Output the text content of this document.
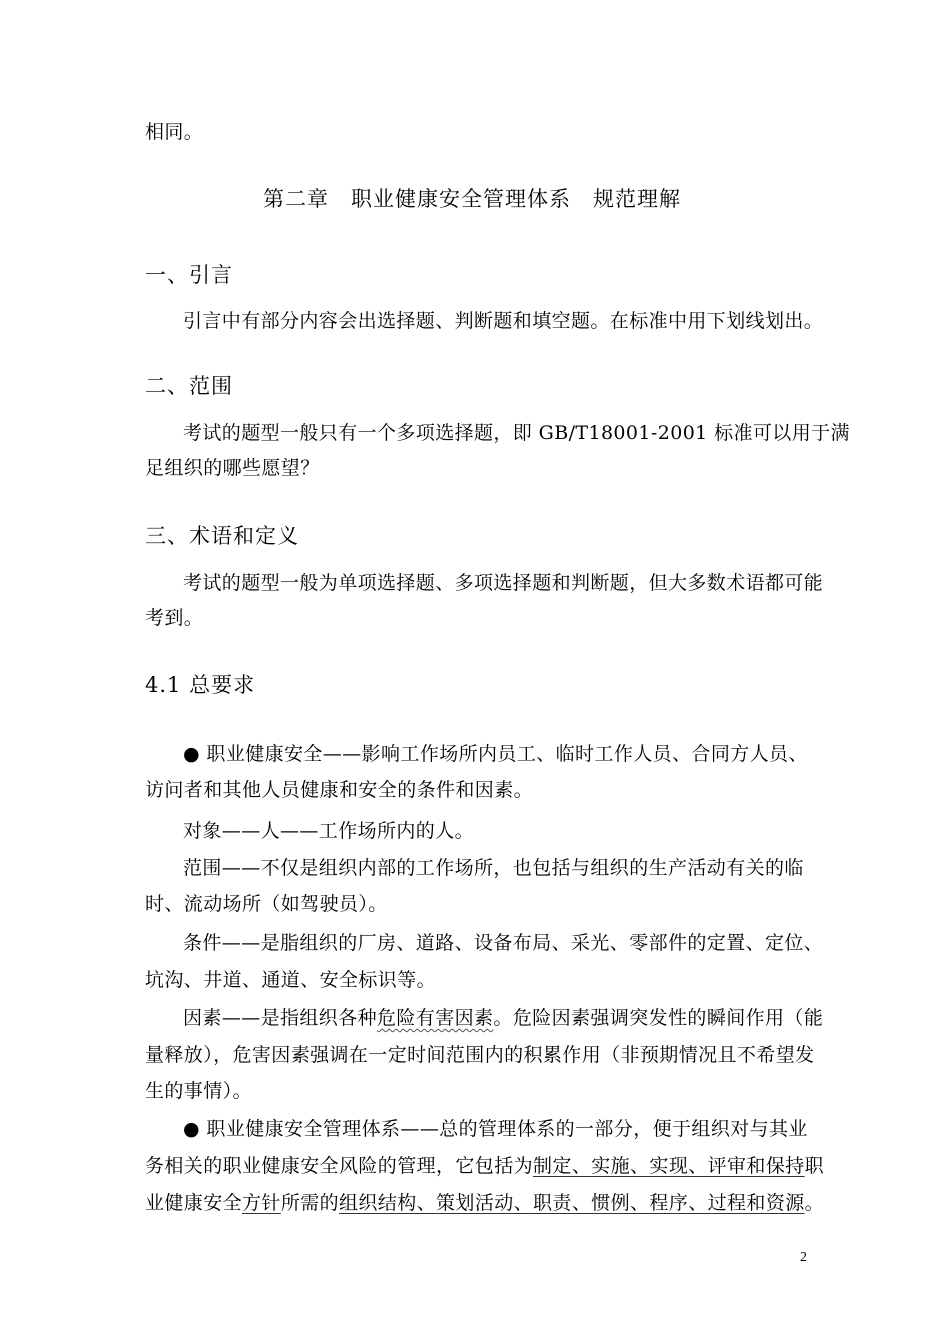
相同。
第二章　职业健康安全管理体系　规范理解
一、引言
引言中有部分内容会出选择题、判断题和填空题。在标准中用下划线划出。
二、范围
考试的题型一般只有一个多项选择题，即 GB/T18001-2001 标准可以用于满
足组织的哪些愿望？
三、术语和定义
考试的题型一般为单项选择题、多项选择题和判断题，但大多数术语都可能
考到。
4.1 总要求
● 职业健康安全——影响工作场所内员工、临时工作人员、合同方人员、
访问者和其他人员健康和安全的条件和因素。
对象——人——工作场所内的人。
范围——不仅是组织内部的工作场所，也包括与组织的生产活动有关的临
时、流动场所（如驾驶员）。
条件——是脂组织的厂房、道路、设备布局、采光、零部件的定置、定位、
坑沟、井道、通道、安全标识等。
因素——是指组织各种危险有害因素。危险因素强调突发性的瞬间作用（能
量释放），危害因素强调在一定时间范围内的积累作用（非预期情况且不希望发
生的事情）。
● 职业健康安全管理体系——总的管理体系的一部分，便于组织对与其业
务相关的职业健康安全风险的管理，它包括为制定、实施、实现、评审和保持职
业健康安全方针所需的组织结构、策划活动、职责、惯例、程序、过程和资源。
2
